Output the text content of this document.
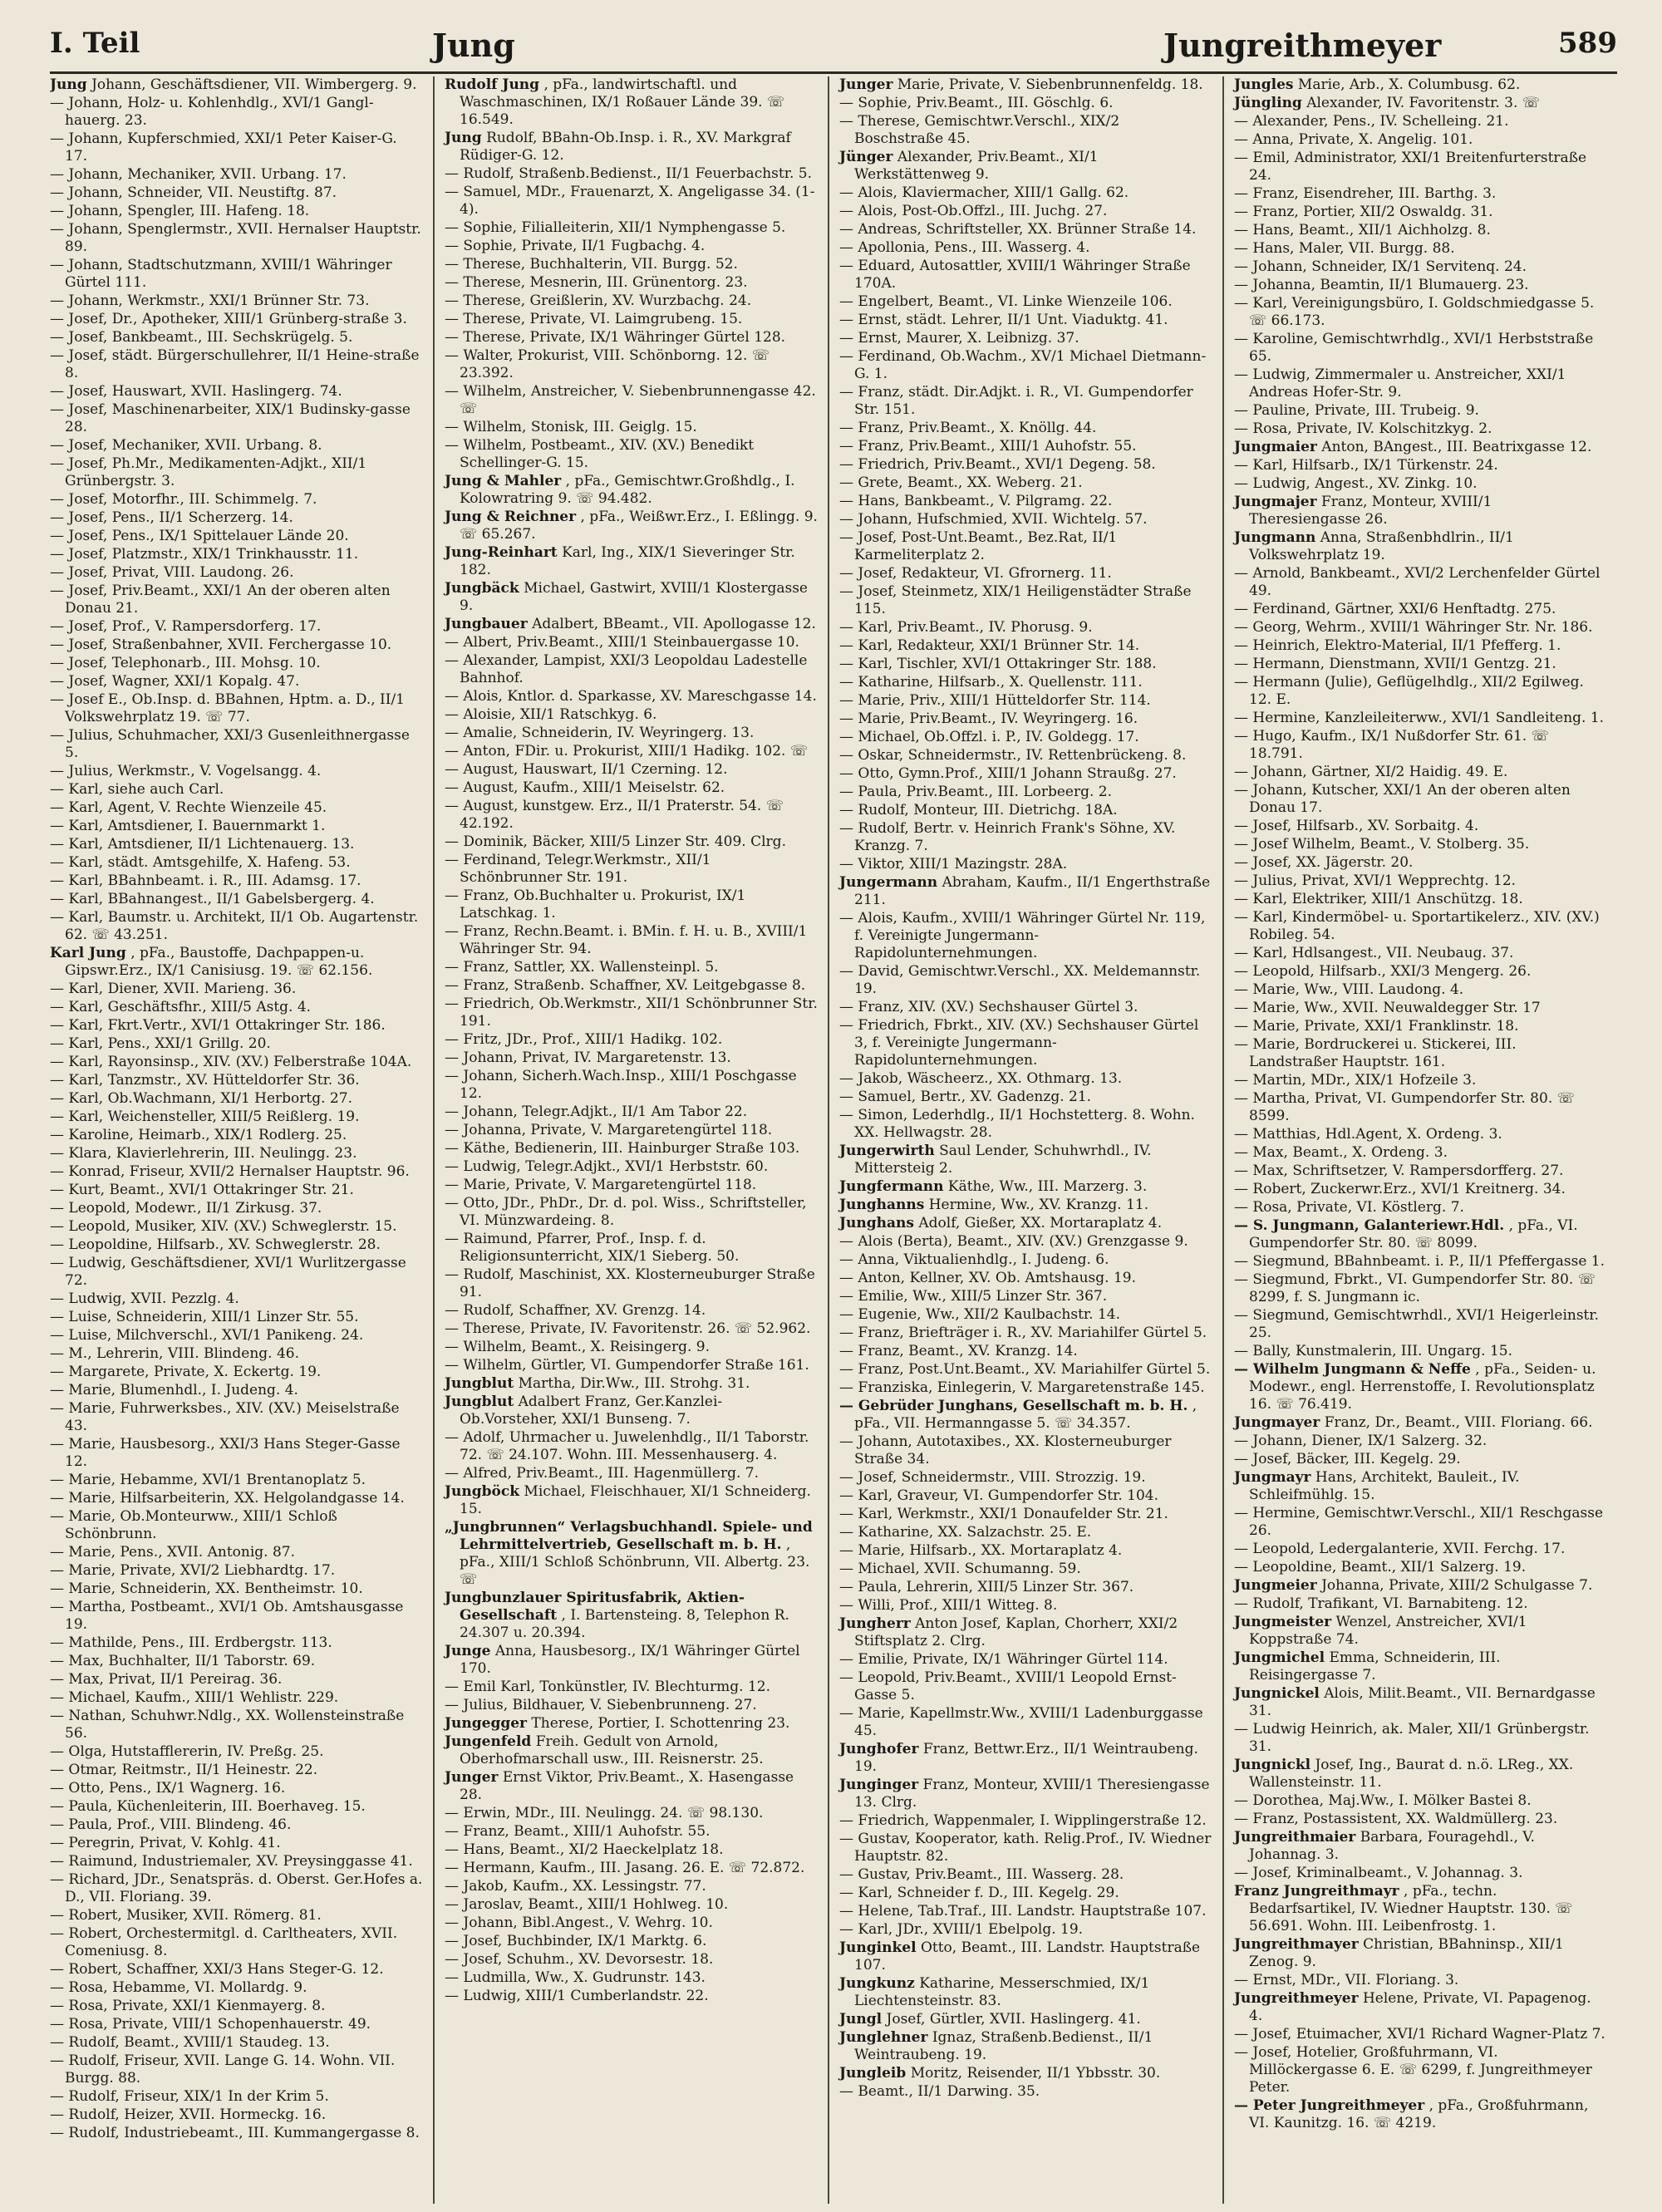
I. Teil	Jung	Jungreithmeyer	589

Jung Johann, Geschäftsdiener, VII. Wimbergerg. 9.

— Johann, Holz- u. Kohlenhdlg., XVI/1 Gangl-hauerg. 23.

— Johann, Kupferschmied, XXI/1 Peter Kaiser-G. 17.

— Johann, Mechaniker, XVII. Urbang. 17.

— Johann, Schneider, VII. Neustiftg. 87.

— Johann, Spengler, III. Hafeng. 18.

— Johann, Spenglermstr., XVII. Hernalser Hauptstr. 89.

— Johann, Stadtschutzmann, XVIII/1 Währinger Gürtel 111.

— Johann, Werkmstr., XXI/1 Brünner Str. 73.

— Josef, Dr., Apotheker, XIII/1 Grünberg-straße 3.

— Josef, Bankbeamt., III. Sechskrügelg. 5.

— Josef, städt. Bürgerschullehrer, II/1 Heine-straße 8.

— Josef, Hauswart, XVII. Haslingerg. 74.

— Josef, Maschinenarbeiter, XIX/1 Budinsky-gasse 28.

— Josef, Mechaniker, XVII. Urbang. 8.

— Josef, Ph.Mr., Medikamenten-Adjkt., XII/1 Grünbergstr. 3.

— Josef, Motorfhr., III. Schimmelg. 7.

— Josef, Pens., II/1 Scherzerg. 14.

— Josef, Pens., IX/1 Spittelauer Lände 20.

— Josef, Platzmstr., XIX/1 Trinkhausstr. 11.

— Josef, Privat, VIII. Laudong. 26.

— Josef, Priv.Beamt., XXI/1 An der oberen alten Donau 21.

— Josef, Prof., V. Rampersdorferg. 17.

— Josef, Straßenbahner, XVII. Ferchergasse 10.

— Josef, Telephonarb., III. Mohsg. 10.

— Josef, Wagner, XXI/1 Kopalg. 47.

— Josef E., Ob.Insp. d. BBahnen, Hptm. a. D., II/1 Volkswehrplatz 19. ☏ 77.

— Julius, Schuhmacher, XXI/3 Gusenleithnergasse 5.

— Julius, Werkmstr., V. Vogelsangg. 4.

— Karl, siehe auch Carl.

— Karl, Agent, V. Rechte Wienzeile 45.

— Karl, Amtsdiener, I. Bauernmarkt 1.

— Karl, Amtsdiener, II/1 Lichtenauerg. 13.

— Karl, städt. Amtsgehilfe, X. Hafeng. 53.

— Karl, BBahnbeamt. i. R., III. Adamsg. 17.

— Karl, BBahnangest., II/1 Gabelsbergerg. 4.

— Karl, Baumstr. u. Architekt, II/1 Ob. Augartenstr. 62. ☏ 43.251.

Karl Jung , pFa., Baustoffe, Dachpappen-u. Gipswr.Erz., IX/1 Canisiusg. 19. ☏ 62.156.

— Karl, Diener, XVII. Marieng. 36.

— Karl, Geschäftsfhr., XIII/5 Astg. 4.

— Karl, Fkrt.Vertr., XVI/1 Ottakringer Str. 186.

— Karl, Pens., XXI/1 Grillg. 20.

— Karl, Rayonsinsp., XIV. (XV.) Felberstraße 104A.

— Karl, Tanzmstr., XV. Hütteldorfer Str. 36.

— Karl, Ob.Wachmann, XI/1 Herbortg. 27.

— Karl, Weichensteller, XIII/5 Reißlerg. 19.

— Karoline, Heimarb., XIX/1 Rodlerg. 25.

— Klara, Klavierlehrerin, III. Neulingg. 23.

— Konrad, Friseur, XVII/2 Hernalser Hauptstr. 96.

— Kurt, Beamt., XVI/1 Ottakringer Str. 21.

— Leopold, Modewr., II/1 Zirkusg. 37.

— Leopold, Musiker, XIV. (XV.) Schweglerstr. 15.

— Leopoldine, Hilfsarb., XV. Schweglerstr. 28.

— Ludwig, Geschäftsdiener, XVI/1 Wurlitzergasse 72.

— Ludwig, XVII. Pezzlg. 4.

— Luise, Schneiderin, XIII/1 Linzer Str. 55.

— Luise, Milchverschl., XVI/1 Panikeng. 24.

— M., Lehrerin, VIII. Blindeng. 46.

— Margarete, Private, X. Eckertg. 19.

— Marie, Blumenhdl., I. Judeng. 4.

— Marie, Fuhrwerksbes., XIV. (XV.) Meiselstraße 43.

— Marie, Hausbesorg., XXI/3 Hans Steger-Gasse 12.

— Marie, Hebamme, XVI/1 Brentanoplatz 5.

— Marie, Hilfsarbeiterin, XX. Helgolandgasse 14.

— Marie, Ob.Monteurww., XIII/1 Schloß Schönbrunn.

— Marie, Pens., XVII. Antonig. 87.

— Marie, Private, XVI/2 Liebhardtg. 17.

— Marie, Schneiderin, XX. Bentheimstr. 10.

— Martha, Postbeamt., XVI/1 Ob. Amtshausgasse 19.

— Mathilde, Pens., III. Erdbergstr. 113.

— Max, Buchhalter, II/1 Taborstr. 69.

— Max, Privat, II/1 Pereirag. 36.

— Michael, Kaufm., XIII/1 Wehlistr. 229.

— Nathan, Schuhwr.Ndlg., XX. Wollensteinstraße 56.

— Olga, Hutstafflererin, IV. Preßg. 25.

— Otmar, Reitmstr., II/1 Heinestr. 22.

— Otto, Pens., IX/1 Wagnerg. 16.

— Paula, Küchenleiterin, III. Boerhaveg. 15.

— Paula, Prof., VIII. Blindeng. 46.

— Peregrin, Privat, V. Kohlg. 41.

— Raimund, Industriemaler, XV. Preysinggasse 41.

— Richard, JDr., Senatspräs. d. Oberst. Ger.Hofes a. D., VII. Floriang. 39.

— Robert, Musiker, XVII. Römerg. 81.

— Robert, Orchestermitgl. d. Carltheaters, XVII. Comeniusg. 8.

— Robert, Schaffner, XXI/3 Hans Steger-G. 12.

— Rosa, Hebamme, VI. Mollardg. 9.

— Rosa, Private, XXI/1 Kienmayerg. 8.

— Rosa, Private, VIII/1 Schopenhauerstr. 49.

— Rudolf, Beamt., XVIII/1 Staudeg. 13.

— Rudolf, Friseur, XVII. Lange G. 14. Wohn. VII. Burgg. 88.

— Rudolf, Friseur, XIX/1 In der Krim 5.

— Rudolf, Heizer, XVII. Hormeckg. 16.

— Rudolf, Industriebeamt., III. Kummangergasse 8.

Rudolf Jung , pFa., landwirtschaftl. und Waschmaschinen, IX/1 Roßauer Lände 39. ☏ 16.549.

Jung Rudolf, BBahn-Ob.Insp. i. R., XV. Markgraf Rüdiger-G. 12.

— Rudolf, Straßenb.Bedienst., II/1 Feuerbachstr. 5.

— Samuel, MDr., Frauenarzt, X. Angeligasse 34. (1-4).

— Sophie, Filialleiterin, XII/1 Nymphengasse 5.

— Sophie, Private, II/1 Fugbachg. 4.

— Therese, Buchhalterin, VII. Burgg. 52.

— Therese, Mesnerin, III. Grünentorg. 23.

— Therese, Greißlerin, XV. Wurzbachg. 24.

— Therese, Private, VI. Laimgrubeng. 15.

— Therese, Private, IX/1 Währinger Gürtel 128.

— Walter, Prokurist, VIII. Schönborng. 12. ☏ 23.392.

— Wilhelm, Anstreicher, V. Siebenbrunnengasse 42. ☏

— Wilhelm, Stonisk, III. Geiglg. 15.

— Wilhelm, Postbeamt., XIV. (XV.) Benedikt Schellinger-G. 15.

Jung & Mahler , pFa., Gemischtwr.Großhdlg., I. Kolowratring 9. ☏ 94.482.

Jung & Reichner , pFa., Weißwr.Erz., I. Eßlingg. 9. ☏ 65.267.

Jung-Reinhart Karl, Ing., XIX/1 Sieveringer Str. 182.

Jungbäck Michael, Gastwirt, XVIII/1 Klostergasse 9.

Jungbauer Adalbert, BBeamt., VII. Apollogasse 12.

— Albert, Priv.Beamt., XIII/1 Steinbauergasse 10.

— Alexander, Lampist, XXI/3 Leopoldau Ladestelle Bahnhof.

— Alois, Kntlor. d. Sparkasse, XV. Mareschgasse 14.

— Aloisie, XII/1 Ratschkyg. 6.

— Amalie, Schneiderin, IV. Weyringerg. 13.

— Anton, FDir. u. Prokurist, XIII/1 Hadikg. 102. ☏

— August, Hauswart, II/1 Czerning. 12.

— August, Kaufm., XIII/1 Meiselstr. 62.

— August, kunstgew. Erz., II/1 Praterstr. 54. ☏ 42.192.

— Dominik, Bäcker, XIII/5 Linzer Str. 409. Clrg.

— Ferdinand, Telegr.Werkmstr., XII/1 Schönbrunner Str. 191.

— Franz, Ob.Buchhalter u. Prokurist, IX/1 Latschkag. 1.

— Franz, Rechn.Beamt. i. BMin. f. H. u. B., XVIII/1 Währinger Str. 94.

— Franz, Sattler, XX. Wallensteinpl. 5.

— Franz, Straßenb. Schaffner, XV. Leitgebgasse 8.

— Friedrich, Ob.Werkmstr., XII/1 Schönbrunner Str. 191.

— Fritz, JDr., Prof., XIII/1 Hadikg. 102.

— Johann, Privat, IV. Margaretenstr. 13.

— Johann, Sicherh.Wach.Insp., XIII/1 Poschgasse 12.

— Johann, Telegr.Adjkt., II/1 Am Tabor 22.

— Johanna, Private, V. Margaretengürtel 118.

— Käthe, Bedienerin, III. Hainburger Straße 103.

— Ludwig, Telegr.Adjkt., XVI/1 Herbststr. 60.

— Marie, Private, V. Margaretengürtel 118.

— Otto, JDr., PhDr., Dr. d. pol. Wiss., Schriftsteller, VI. Münzwardeing. 8.

— Raimund, Pfarrer, Prof., Insp. f. d. Religionsunterricht, XIX/1 Sieberg. 50.

— Rudolf, Maschinist, XX. Klosterneuburger Straße 91.

— Rudolf, Schaffner, XV. Grenzg. 14.

— Therese, Private, IV. Favoritenstr. 26. ☏ 52.962.

— Wilhelm, Beamt., X. Reisingerg. 9.

— Wilhelm, Gürtler, VI. Gumpendorfer Straße 161.

Jungblut Martha, Dir.Ww., III. Strohg. 31.

Jungblut Adalbert Franz, Ger.Kanzlei-Ob.Vorsteher, XXI/1 Bunseng. 7.

— Adolf, Uhrmacher u. Juwelenhdlg., II/1 Taborstr. 72. ☏ 24.107. Wohn. III. Messenhauserg. 4.

— Alfred, Priv.Beamt., III. Hagenmüllerg. 7.

Jungböck Michael, Fleischhauer, XI/1 Schneiderg. 15.

„Jungbrunnen“ Verlagsbuchhandl. Spiele- und Lehrmittelvertrieb, Gesellschaft m. b. H. , pFa., XIII/1 Schloß Schönbrunn, VII. Albertg. 23. ☏

Jungbunzlauer Spiritusfabrik, Aktien-Gesellschaft , I. Bartensteing. 8, Telephon R. 24.307 u. 20.394.

Junge Anna, Hausbesorg., IX/1 Währinger Gürtel 170.

— Emil Karl, Tonkünstler, IV. Blechturmg. 12.

— Julius, Bildhauer, V. Siebenbrunneng. 27.

Jungegger Therese, Portier, I. Schottenring 23.

Jungenfeld Freih. Gedult von Arnold, Oberhofmarschall usw., III. Reisnerstr. 25.

Junger Ernst Viktor, Priv.Beamt., X. Hasengasse 28.

— Erwin, MDr., III. Neulingg. 24. ☏ 98.130.

— Franz, Beamt., XIII/1 Auhofstr. 55.

— Hans, Beamt., XI/2 Haeckelplatz 18.

— Hermann, Kaufm., III. Jasang. 26. E. ☏ 72.872.

— Jakob, Kaufm., XX. Lessingstr. 77.

— Jaroslav, Beamt., XIII/1 Hohlweg. 10.

— Johann, Bibl.Angest., V. Wehrg. 10.

— Josef, Buchbinder, IX/1 Marktg. 6.

— Josef, Schuhm., XV. Devorsestr. 18.

— Ludmilla, Ww., X. Gudrunstr. 143.

— Ludwig, XIII/1 Cumberlandstr. 22.

Junger Marie, Private, V. Siebenbrunnenfeldg. 18.

— Sophie, Priv.Beamt., III. Göschlg. 6.

— Therese, Gemischtwr.Verschl., XIX/2 Boschstraße 45.

Jünger Alexander, Priv.Beamt., XI/1 Werkstättenweg 9.

— Alois, Klaviermacher, XIII/1 Gallg. 62.

— Alois, Post-Ob.Offzl., III. Juchg. 27.

— Andreas, Schriftsteller, XX. Brünner Straße 14.

— Apollonia, Pens., III. Wasserg. 4.

— Eduard, Autosattler, XVIII/1 Währinger Straße 170A.

— Engelbert, Beamt., VI. Linke Wienzeile 106.

— Ernst, städt. Lehrer, II/1 Unt. Viaduktg. 41.

— Ernst, Maurer, X. Leibnizg. 37.

— Ferdinand, Ob.Wachm., XV/1 Michael Dietmann-G. 1.

— Franz, städt. Dir.Adjkt. i. R., VI. Gumpendorfer Str. 151.

— Franz, Priv.Beamt., X. Knöllg. 44.

— Franz, Priv.Beamt., XIII/1 Auhofstr. 55.

— Friedrich, Priv.Beamt., XVI/1 Degeng. 58.

— Grete, Beamt., XX. Weberg. 21.

— Hans, Bankbeamt., V. Pilgramg. 22.

— Johann, Hufschmied, XVII. Wichtelg. 57.

— Josef, Post-Unt.Beamt., Bez.Rat, II/1 Karmeliterplatz 2.

— Josef, Redakteur, VI. Gfrornerg. 11.

— Josef, Steinmetz, XIX/1 Heiligenstädter Straße 115.

— Karl, Priv.Beamt., IV. Phorusg. 9.

— Karl, Redakteur, XXI/1 Brünner Str. 14.

— Karl, Tischler, XVI/1 Ottakringer Str. 188.

— Katharine, Hilfsarb., X. Quellenstr. 111.

— Marie, Priv., XIII/1 Hütteldorfer Str. 114.

— Marie, Priv.Beamt., IV. Weyringerg. 16.

— Michael, Ob.Offzl. i. P., IV. Goldegg. 17.

— Oskar, Schneidermstr., IV. Rettenbrückeng. 8.

— Otto, Gymn.Prof., XIII/1 Johann Straußg. 27.

— Paula, Priv.Beamt., III. Lorbeerg. 2.

— Rudolf, Monteur, III. Dietrichg. 18A.

— Rudolf, Bertr. v. Heinrich Frank's Söhne, XV. Kranzg. 7.

— Viktor, XIII/1 Mazingstr. 28A.

Jungermann Abraham, Kaufm., II/1 Engerthstraße 211.

— Alois, Kaufm., XVIII/1 Währinger Gürtel Nr. 119, f. Vereinigte Jungermann-Rapidolunternehmungen.

— David, Gemischtwr.Verschl., XX. Meldemannstr. 19.

— Franz, XIV. (XV.) Sechshauser Gürtel 3.

— Friedrich, Fbrkt., XIV. (XV.) Sechshauser Gürtel 3, f. Vereinigte Jungermann-Rapidolunternehmungen.

— Jakob, Wäscheerz., XX. Othmarg. 13.

— Samuel, Bertr., XV. Gadenzg. 21.

— Simon, Lederhdlg., II/1 Hochstetterg. 8. Wohn. XX. Hellwagstr. 28.

Jungerwirth Saul Lender, Schuhwrhdl., IV. Mittersteig 2.

Jungfermann Käthe, Ww., III. Marzerg. 3.

Junghanns Hermine, Ww., XV. Kranzg. 11.

Junghans Adolf, Gießer, XX. Mortaraplatz 4.

— Alois (Berta), Beamt., XIV. (XV.) Grenzgasse 9.

— Anna, Viktualienhdlg., I. Judeng. 6.

— Anton, Kellner, XV. Ob. Amtshausg. 19.

— Emilie, Ww., XIII/5 Linzer Str. 367.

— Eugenie, Ww., XII/2 Kaulbachstr. 14.

— Franz, Briefträger i. R., XV. Mariahilfer Gürtel 5.

— Franz, Beamt., XV. Kranzg. 14.

— Franz, Post.Unt.Beamt., XV. Mariahilfer Gürtel 5.

— Franziska, Einlegerin, V. Margaretenstraße 145.

— Gebrüder Junghans, Gesellschaft m. b. H. , pFa., VII. Hermanngasse 5. ☏ 34.357.

— Johann, Autotaxibes., XX. Klosterneuburger Straße 34.

— Josef, Schneidermstr., VIII. Strozzig. 19.

— Karl, Graveur, VI. Gumpendorfer Str. 104.

— Karl, Werkmstr., XXI/1 Donaufelder Str. 21.

— Katharine, XX. Salzachstr. 25. E.

— Marie, Hilfsarb., XX. Mortaraplatz 4.

— Michael, XVII. Schumanng. 59.

— Paula, Lehrerin, XIII/5 Linzer Str. 367.

— Willi, Prof., XIII/1 Witteg. 8.

Jungherr Anton Josef, Kaplan, Chorherr, XXI/2 Stiftsplatz 2. Clrg.

— Emilie, Private, IX/1 Währinger Gürtel 114.

— Leopold, Priv.Beamt., XVIII/1 Leopold Ernst-Gasse 5.

— Marie, Kapellmstr.Ww., XVIII/1 Ladenburggasse 45.

Junghofer Franz, Bettwr.Erz., II/1 Weintraubeng. 19.

Junginger Franz, Monteur, XVIII/1 Theresiengasse 13. Clrg.

— Friedrich, Wappenmaler, I. Wipplingerstraße 12.

— Gustav, Kooperator, kath. Relig.Prof., IV. Wiedner Hauptstr. 82.

— Gustav, Priv.Beamt., III. Wasserg. 28.

— Karl, Schneider f. D., III. Kegelg. 29.

— Helene, Tab.Traf., III. Landstr. Hauptstraße 107.

— Karl, JDr., XVIII/1 Ebelpolg. 19.

Junginkel Otto, Beamt., III. Landstr. Hauptstraße 107.

Jungkunz Katharine, Messerschmied, IX/1 Liechtensteinstr. 83.

Jungl Josef, Gürtler, XVII. Haslingerg. 41.

Junglehner Ignaz, Straßenb.Bedienst., II/1 Weintraubeng. 19.

Jungleib Moritz, Reisender, II/1 Ybbsstr. 30.

— Beamt., II/1 Darwing. 35.

Jungles Marie, Arb., X. Columbusg. 62.

Jüngling Alexander, IV. Favoritenstr. 3. ☏

— Alexander, Pens., IV. Schelleing. 21.

— Anna, Private, X. Angelig. 101.

— Emil, Administrator, XXI/1 Breitenfurterstraße 24.

— Franz, Eisendreher, III. Barthg. 3.

— Franz, Portier, XII/2 Oswaldg. 31.

— Hans, Beamt., XII/1 Aichholzg. 8.

— Hans, Maler, VII. Burgg. 88.

— Johann, Schneider, IX/1 Servitenq. 24.

— Johanna, Beamtin, II/1 Blumauerg. 23.

— Karl, Vereinigungsbüro, I. Goldschmiedgasse 5. ☏ 66.173.

— Karoline, Gemischtwrhdlg., XVI/1 Herbststraße 65.

— Ludwig, Zimmermaler u. Anstreicher, XXI/1 Andreas Hofer-Str. 9.

— Pauline, Private, III. Trubeig. 9.

— Rosa, Private, IV. Kolschitzkyg. 2.

Jungmaier Anton, BAngest., III. Beatrixgasse 12.

— Karl, Hilfsarb., IX/1 Türkenstr. 24.

— Ludwig, Angest., XV. Zinkg. 10.

Jungmajer Franz, Monteur, XVIII/1 Theresiengasse 26.

Jungmann Anna, Straßenbhdlrin., II/1 Volkswehrplatz 19.

— Arnold, Bankbeamt., XVI/2 Lerchenfelder Gürtel 49.

— Ferdinand, Gärtner, XXI/6 Henftadtg. 275.

— Georg, Wehrm., XVIII/1 Währinger Str. Nr. 186.

— Heinrich, Elektro-Material, II/1 Pfefferg. 1.

— Hermann, Dienstmann, XVII/1 Gentzg. 21.

— Hermann (Julie), Geflügelhdlg., XII/2 Egilweg. 12. E.

— Hermine, Kanzleileiterww., XVI/1 Sandleiteng. 1.

— Hugo, Kaufm., IX/1 Nußdorfer Str. 61. ☏ 18.791.

— Johann, Gärtner, XI/2 Haidig. 49. E.

— Johann, Kutscher, XXI/1 An der oberen alten Donau 17.

— Josef, Hilfsarb., XV. Sorbaitg. 4.

— Josef Wilhelm, Beamt., V. Stolberg. 35.

— Josef, XX. Jägerstr. 20.

— Julius, Privat, XVI/1 Wepprechtg. 12.

— Karl, Elektriker, XIII/1 Anschützg. 18.

— Karl, Kindermöbel- u. Sportartikelerz., XIV. (XV.) Robileg. 54.

— Karl, Hdlsangest., VII. Neubaug. 37.

— Leopold, Hilfsarb., XXI/3 Mengerg. 26.

— Marie, Ww., VIII. Laudong. 4.

— Marie, Ww., XVII. Neuwaldegger Str. 17

— Marie, Private, XXI/1 Franklinstr. 18.

— Marie, Bordruckerei u. Stickerei, III. Landstraßer Hauptstr. 161.

— Martin, MDr., XIX/1 Hofzeile 3.

— Martha, Privat, VI. Gumpendorfer Str. 80. ☏ 8599.

— Matthias, Hdl.Agent, X. Ordeng. 3.

— Max, Beamt., X. Ordeng. 3.

— Max, Schriftsetzer, V. Rampersdorfferg. 27.

— Robert, Zuckerwr.Erz., XVI/1 Kreitnerg. 34.

— Rosa, Private, VI. Köstlerg. 7.

— S. Jungmann, Galanteriewr.Hdl. , pFa., VI. Gumpendorfer Str. 80. ☏ 8099.

— Siegmund, BBahnbeamt. i. P., II/1 Pfeffergasse 1.

— Siegmund, Fbrkt., VI. Gumpendorfer Str. 80. ☏ 8299, f. S. Jungmann ic.

— Siegmund, Gemischtwrhdl., XVI/1 Heigerleinstr. 25.

— Bally, Kunstmalerin, III. Ungarg. 15.

— Wilhelm Jungmann & Neffe , pFa., Seiden- u. Modewr., engl. Herrenstoffe, I. Revolutionsplatz 16. ☏ 76.419.

Jungmayer Franz, Dr., Beamt., VIII. Floriang. 66.

— Johann, Diener, IX/1 Salzerg. 32.

— Josef, Bäcker, III. Kegelg. 29.

Jungmayr Hans, Architekt, Bauleit., IV. Schleifmühlg. 15.

— Hermine, Gemischtwr.Verschl., XII/1 Reschgasse 26.

— Leopold, Ledergalanterie, XVII. Ferchg. 17.

— Leopoldine, Beamt., XII/1 Salzerg. 19.

Jungmeier Johanna, Private, XIII/2 Schulgasse 7.

— Rudolf, Trafikant, VI. Barnabiteng. 12.

Jungmeister Wenzel, Anstreicher, XVI/1 Koppstraße 74.

Jungmichel Emma, Schneiderin, III. Reisingergasse 7.

Jungnickel Alois, Milit.Beamt., VII. Bernardgasse 31.

— Ludwig Heinrich, ak. Maler, XII/1 Grünbergstr. 31.

Jungnickl Josef, Ing., Baurat d. n.ö. LReg., XX. Wallensteinstr. 11.

— Dorothea, Maj.Ww., I. Mölker Bastei 8.

— Franz, Postassistent, XX. Waldmüllerg. 23.

Jungreithmaier Barbara, Fouragehdl., V. Johannag. 3.

— Josef, Kriminalbeamt., V. Johannag. 3.

Franz Jungreithmayr , pFa., techn. Bedarfsartikel, IV. Wiedner Hauptstr. 130. ☏ 56.691. Wohn. III. Leibenfrostg. 1.

Jungreithmayer Christian, BBahninsp., XII/1 Zenog. 9.

— Ernst, MDr., VII. Floriang. 3.

Jungreithmeyer Helene, Private, VI. Papagenog. 4.

— Josef, Etuimacher, XVI/1 Richard Wagner-Platz 7.

— Josef, Hotelier, Großfuhrmann, VI. Millöckergasse 6. E. ☏ 6299, f. Jungreithmeyer Peter.

— Peter Jungreithmeyer , pFa., Großfuhrmann, VI. Kaunitzg. 16. ☏ 4219.
